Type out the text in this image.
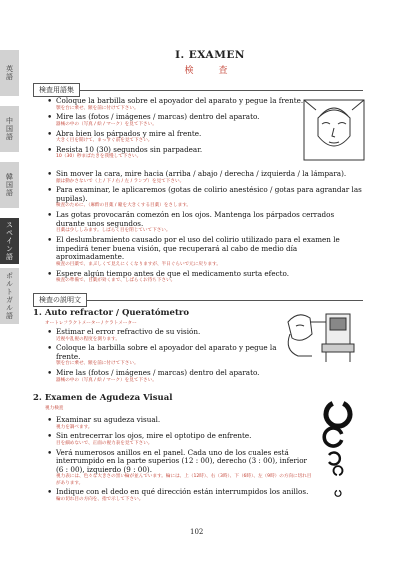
英語
中国語
韓国語
スペイン語
ポルトガル語
I. EXAMEN
検　査
検査用語集
• Coloque la barbilla sobre el apoyador del aparato y pegue la frente.
顎を台に乗せ、額を前に付けて下さい。
• Mire las (fotos / imágenes / marcas) dentro del aparato.
器械の中の（写真 / 絵 / マーク）を見て下さい。
• Abra bien los párpados y mire al frente.
大きく目を開けて、まっすぐ前を見て下さい。
• Resista 10 (30) segundos sin parpadear.
10（30）秒まばたきを我慢して下さい。
• Sin mover la cara, mire hacia (arriba / abajo / derecha / izquierda / la lámpara).
顔は動かさないで（上 / 下 / 右 / 左 / ランプ）を見て下さい。
• Para examinar, le aplicaremos (gotas de colirio anestésico / gotas para agrandar las pupilas).
検査のために、（麻酔の目薬 / 瞳を大きくする目薬）をさします。
• Las gotas provocarán comezón en los ojos. Mantenga los párpados cerrados durante unos segundos.
目薬は少ししみます。しばらく目を閉じていて下さい。
• El deslumbramiento causado por el uso del colirio utilizado para el examen le impedirá tener buena visión, que recuperará al cabo de medio día aproximadamente.
検査の目薬で、まぶしくて見えにくくなりますが、半日ぐらいで元に戻ります。
• Espere algún tiempo antes de que el medicamento surta efecto.
検査の準備で、目薬が効くまで、しばらくお待ち下さい。
検査の説明文
1. Auto refractor / Queratómetro
オートレフラクトメーター / ケラトメーター
• Estimar el error refractivo de su visión.
近視や乱視の程度を測ります。
• Coloque la barbilla sobre el apoyador del aparato y pegue la frente.
顎を台に乗せ、額を前に付けて下さい。
• Mire las (fotos / imágenes / marcas) dentro del aparato.
器械の中の（写真 / 絵 / マーク）を見て下さい。
2. Examen de Agudeza Visual
視力検査
• Examinar su agudeza visual.
視力を調べます。
• Sin entrecerrar los ojos, mire el optotipo de enfrente.
目を細めないで、正面の視力表を見て下さい。
• Verá numerosos anillos en el panel. Cada uno de los cuales está interrumpido en la parte superios (12 : 00), derecho (3 : 00), inferior (6 : 00), izquierdo (9 : 00).
視力表には、色々な大きさの黒い輪が並んでいます。輪には、上（12時）、右（3時）、下（6時）、左（9時）の方向に切れ目があります。
• Indique con el dedo en qué dirección están interrumpidos los anillos.
輪の切れ目の方向を、指で示して下さい。
102
